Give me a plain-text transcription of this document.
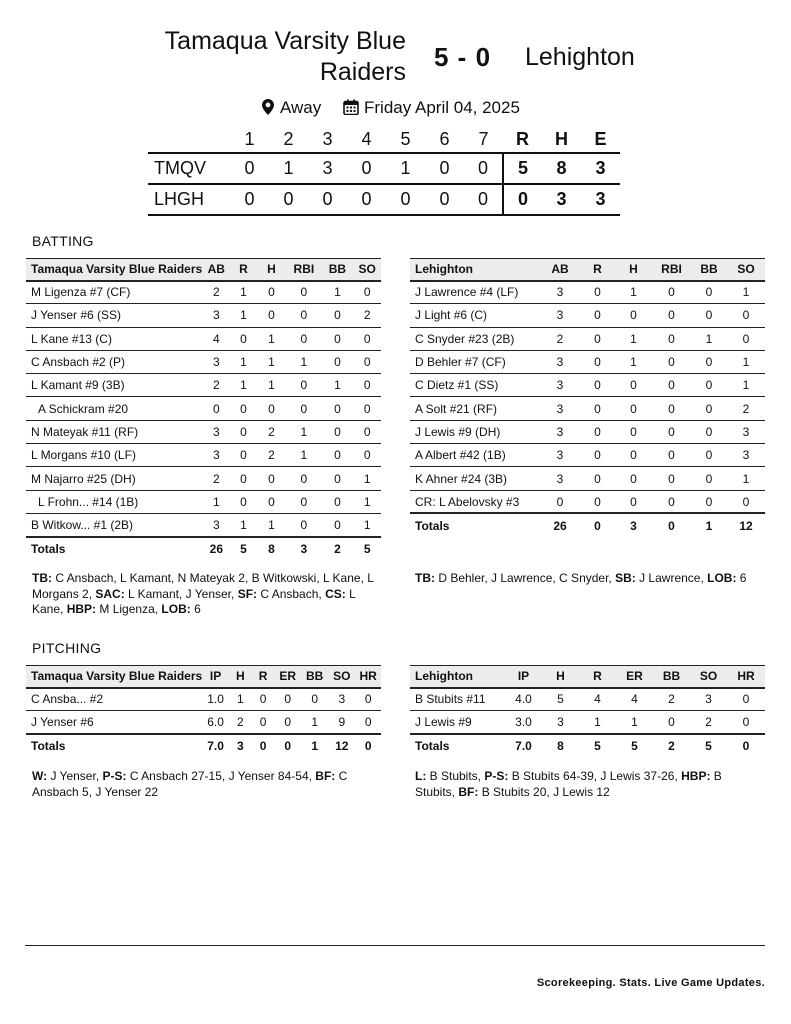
Tamaqua Varsity Blue Raiders 5 - 0 Lehighton
Away	Friday April 04, 2025
	1	2	3	4	5	6	7	R	H	E
TMQV	0	1	3	0	1	0	0	5	8	3
LHGH	0	0	0	0	0	0	0	0	3	3
BATTING
Tamaqua Varsity Blue Raiders	AB	R	H	RBI	BB	SO
M Ligenza #7 (CF)	2	1	0	0	1	0
J Yenser #6 (SS)	3	1	0	0	0	2
L Kane #13 (C)	4	0	1	0	0	0
C Ansbach #2 (P)	3	1	1	1	0	0
L Kamant #9 (3B)	2	1	1	0	1	0
A Schickram #20	0	0	0	0	0	0
N Mateyak #11 (RF)	3	0	2	1	0	0
L Morgans #10 (LF)	3	0	2	1	0	0
M Najarro #25 (DH)	2	0	0	0	0	1
L Frohn... #14 (1B)	1	0	0	0	0	1
B Witkow... #1 (2B)	3	1	1	0	0	1
Totals	26	5	8	3	2	5
TB: C Ansbach, L Kamant, N Mateyak 2, B Witkowski, L Kane, L Morgans 2, SAC: L Kamant, J Yenser, SF: C Ansbach, CS: L Kane, HBP: M Ligenza, LOB: 6
Lehighton	AB	R	H	RBI	BB	SO
J Lawrence #4 (LF)	3	0	1	0	0	1
J Light #6 (C)	3	0	0	0	0	0
C Snyder #23 (2B)	2	0	1	0	1	0
D Behler #7 (CF)	3	0	1	0	0	1
C Dietz #1 (SS)	3	0	0	0	0	1
A Solt #21 (RF)	3	0	0	0	0	2
J Lewis #9 (DH)	3	0	0	0	0	3
A Albert #42 (1B)	3	0	0	0	0	3
K Ahner #24 (3B)	3	0	0	0	0	1
CR: L Abelovsky #3	0	0	0	0	0	0
Totals	26	0	3	0	1	12
TB: D Behler, J Lawrence, C Snyder, SB: J Lawrence, LOB: 6
PITCHING
Tamaqua Varsity Blue Raiders	IP	H	R	ER	BB	SO	HR
C Ansba... #2	1.0	1	0	0	0	3	0
J Yenser #6	6.0	2	0	0	1	9	0
Totals	7.0	3	0	0	1	12	0
W: J Yenser, P-S: C Ansbach 27-15, J Yenser 84-54, BF: C Ansbach 5, J Yenser 22
Lehighton	IP	H	R	ER	BB	SO	HR
B Stubits #11	4.0	5	4	4	2	3	0
J Lewis #9	3.0	3	1	1	0	2	0
Totals	7.0	8	5	5	2	5	0
L: B Stubits, P-S: B Stubits 64-39, J Lewis 37-26, HBP: B Stubits, BF: B Stubits 20, J Lewis 12
Scorekeeping. Stats. Live Game Updates.
